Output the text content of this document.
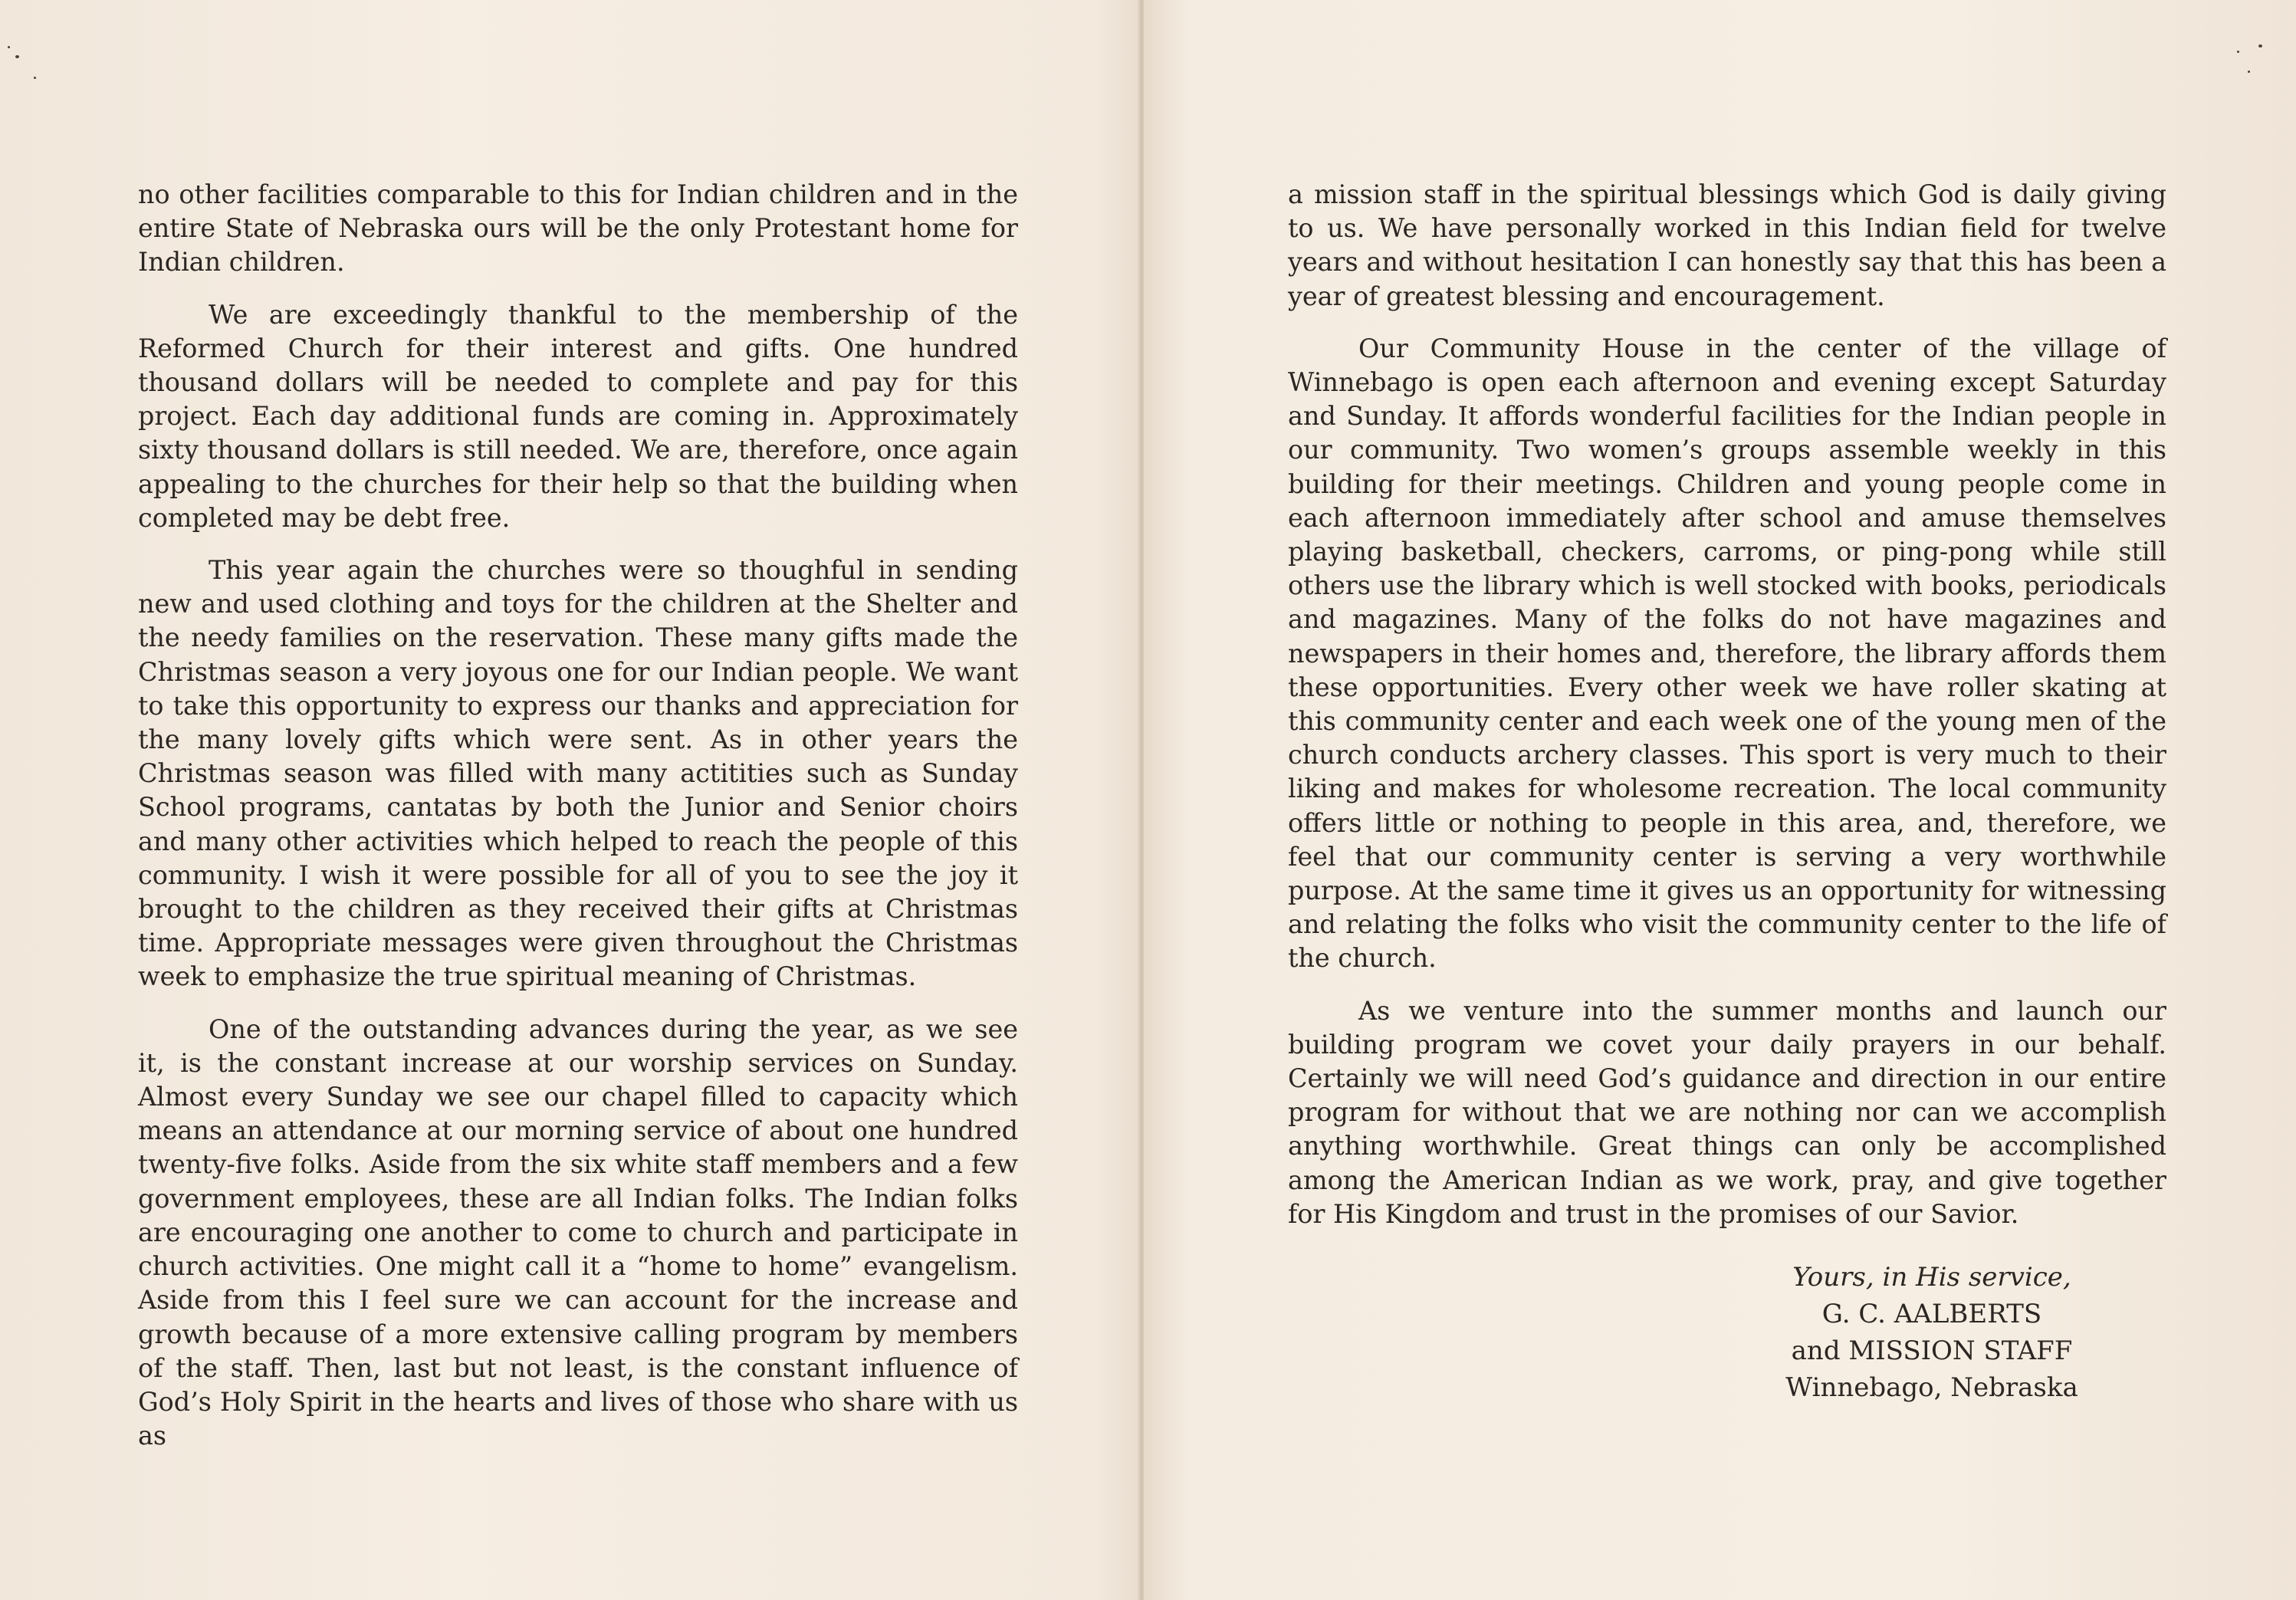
no other facilities comparable to this for Indian children and in the entire State of Nebraska ours will be the only Protestant home for Indian children.

We are exceedingly thankful to the membership of the Reformed Church for their interest and gifts. One hundred thousand dollars will be needed to complete and pay for this project. Each day additional funds are coming in. Approximately sixty thousand dollars is still needed. We are, therefore, once again appealing to the churches for their help so that the building when completed may be debt free.

This year again the churches were so thoughful in sending new and used clothing and toys for the children at the Shelter and the needy families on the reservation. These many gifts made the Christmas season a very joyous one for our Indian people. We want to take this opportunity to express our thanks and appreciation for the many lovely gifts which were sent. As in other years the Christmas season was filled with many actitities such as Sunday School programs, cantatas by both the Junior and Senior choirs and many other activities which helped to reach the people of this community. I wish it were possible for all of you to see the joy it brought to the children as they received their gifts at Christmas time. Appropriate messages were given throughout the Christmas week to emphasize the true spiritual meaning of Christmas.

One of the outstanding advances during the year, as we see it, is the constant increase at our worship services on Sunday. Almost every Sunday we see our chapel filled to capacity which means an attendance at our morning service of about one hundred twenty-five folks. Aside from the six white staff members and a few government employees, these are all Indian folks. The Indian folks are encouraging one another to come to church and participate in church activities. One might call it a “home to home” evangelism. Aside from this I feel sure we can account for the increase and growth because of a more extensive calling program by members of the staff. Then, last but not least, is the constant influence of God’s Holy Spirit in the hearts and lives of those who share with us as

a mission staff in the spiritual blessings which God is daily giving to us. We have personally worked in this Indian field for twelve years and without hesitation I can honestly say that this has been a year of greatest blessing and encouragement.

Our Community House in the center of the village of Winnebago is open each afternoon and evening except Saturday and Sunday. It affords wonderful facilities for the Indian people in our community. Two women’s groups assemble weekly in this building for their meetings. Children and young people come in each afternoon immediately after school and amuse themselves playing basketball, checkers, carroms, or ping-pong while still others use the library which is well stocked with books, periodicals and magazines. Many of the folks do not have magazines and newspapers in their homes and, therefore, the library affords them these opportunities. Every other week we have roller skating at this community center and each week one of the young men of the church conducts archery classes. This sport is very much to their liking and makes for wholesome recreation. The local community offers little or nothing to people in this area, and, therefore, we feel that our community center is serving a very worthwhile purpose. At the same time it gives us an opportunity for witnessing and relating the folks who visit the community center to the life of the church.

As we venture into the summer months and launch our building program we covet your daily prayers in our behalf. Certainly we will need God’s guidance and direction in our entire program for without that we are nothing nor can we accomplish anything worthwhile. Great things can only be accomplished among the American Indian as we work, pray, and give together for His Kingdom and trust in the promises of our Savior.

Yours, in His service,
G. C. AALBERTS
and MISSION STAFF
Winnebago, Nebraska
